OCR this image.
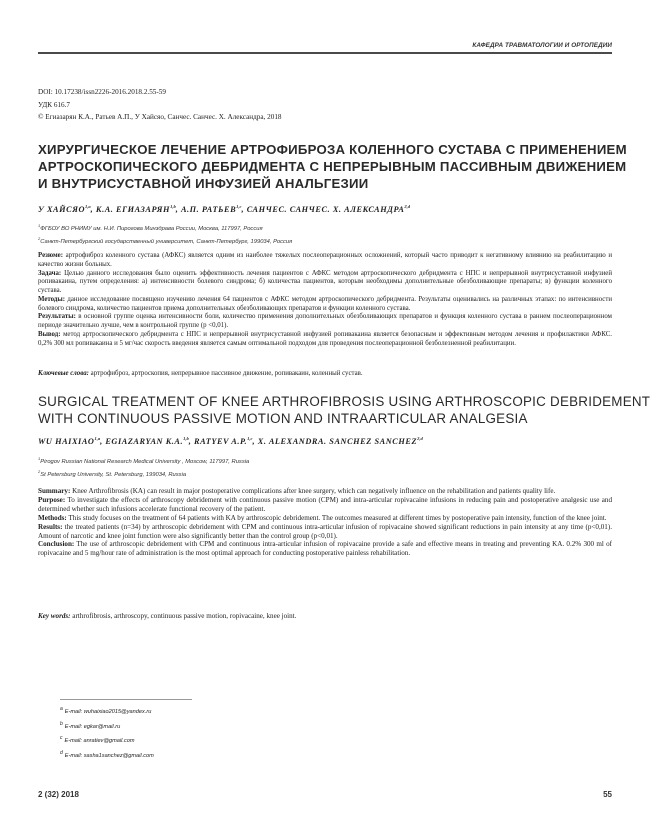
КАФЕДРА ТРАВМАТОЛОГИИ И ОРТОПЕДИИ
DOI: 10.17238/issn2226-2016.2018.2.55-59
УДК 616.7
© Егиазарян К.А., Ратьев А.П., У Хайсяо, Санчес. Санчес. Х. Александра, 2018
ХИРУРГИЧЕСКОЕ ЛЕЧЕНИЕ АРТРОФИБРОЗА КОЛЕННОГО СУСТАВА С ПРИМЕНЕНИЕМ
АРТРОСКОПИЧЕСКОГО ДЕБРИДМЕНТА С НЕПРЕРЫВНЫМ ПАССИВНЫМ ДВИЖЕНИЕМ
И ВНУТРИСУСТАВНОЙ ИНФУЗИЕЙ АНАЛЬГЕЗИИ
У ХАЙСЯО$^{1,a}$, К.А. ЕГИАЗАРЯН$^{1,b}$, А.П. РАТЬЕВ$^{1,c}$, САНЧЕС. САНЧЕС. Х. АЛЕКСАНДРА$^{2,d}$
$^1$ФГБОУ ВО РНИМУ им. Н.И. Пирогова Минздрава России, Москва, 117997, Россия
$^2$Санкт-Петербургский государственный университет, Санкт-Петербург, 199034, Россия

Резюме: артрофиброз коленного сустава (АФКС) является одним из наиболее тяжелых послеоперационных осложнений, который часто приводит к негативному влиянию на реабилитацию и качество жизни больных.

Задача: Целью данного исследования было оценить эффективность лечения пациентов с АФКС методом артроскопического дебридмента с НПС и непрерывной внутрисуставной инфузией ропивакаина, путем определения: а) интенсивности болевого синдрома; б) количества пациентов, которым необходимы дополнительные обезболивающие препараты; в) функции коленного сустава.

Методы: данное исследование посвящено изучению лечения 64 пациентов с АФКС методом артроскопического дебридмента. Результаты оценивались на различных этапах: по интенсивности болевого синдрома, количество пациентов приема дополнительных обезболивающих препаратов и функции коленного сустава.

Результаты: в основной группе оценка интенсивности боли, количество применения дополнительных обезболивающих препаратов и функция коленного сустава в раннем послеоперационном периоде значительно лучше, чем в контрольной группе (p <0,01).

Вывод: метод артроскопического дебридмента с НПС и непрерывной внутрисуставной инфузией ропивакаина является безопасным и эффективным методом лечения и профилактики АФКС. 0,2% 300 мл ропивакаина и 5 мг/час скорость введения является самым оптимальной подходом для проведения послеоперационной безболезненной реабилитации.

Ключевые слова: артрофиброз, артроскопия, непрерывное пассивное движение, ропивакаин, коленный сустав.
SURGICAL TREATMENT OF KNEE ARTHROFIBROSIS USING ARTHROSCOPIC DEBRIDEMENT
WITH CONTINUOUS PASSIVE MOTION AND INTRAARTICULAR ANALGESIA
WU HAIXIAO$^{1,a}$, EGIAZARYAN K.A.$^{1,b}$, RATYEV A.P.$^{1,c}$, X. ALEXANDRA. SANCHEZ SANCHEZ$^{2,d}$
$^1$Pirogov Russian National Research Medical University , Moscow, 117997, Russia
$^2$St Petersburg University, St. Petersburg, 199034, Russia

Summary: Knee Arthrofibrosis (KA) can result in major postoperative complications after knee surgery, which can negatively influence on the rehabilitation and patients quality life.

Purpose: To investigate the effects of arthroscopy debridement with continuous passive motion (CPM) and intra-articular ropivacaine infusions in reducing pain and postoperative analgesic use and determined whether such infusions accelerate functional recovery of the patient.

Methods: This study focuses on the treatment of 64 patients with KA by arthroscopic debridement. The outcomes measured at different times by postoperative pain intensity, function of the knee joint.

Results: the treated patients (n=34) by arthroscopic debridement with CPM and continuous intra-articular infusion of ropivacaine showed significant reductions in pain intensity at any time (p<0,01). Amount of narcotic and knee joint function were also significantly better than the control group (p<0,01).

Conclusion: The use of arthroscopic debridement with CPM and continuous intra-articular infusion of ropivacaine provide a safe and effective means in treating and preventing KA. 0.2% 300 ml of ropivacaine and 5 mg/hour rate of administration is the most optimal approach for conducting postoperative painless rehabilitation.

Key words: arthrofibrosis, arthroscopy, continuous passive motion, ropivacaine, knee joint.
$^a$ E-mail: wuhaixiao2015@yandex.ru
$^b$ E-mail: egkar@mail.ru
$^c$ E-mail: anratiev@gmail.com
$^d$ E-mail: sasha1sanchez@gmail.com
2 (32) 2018	55
